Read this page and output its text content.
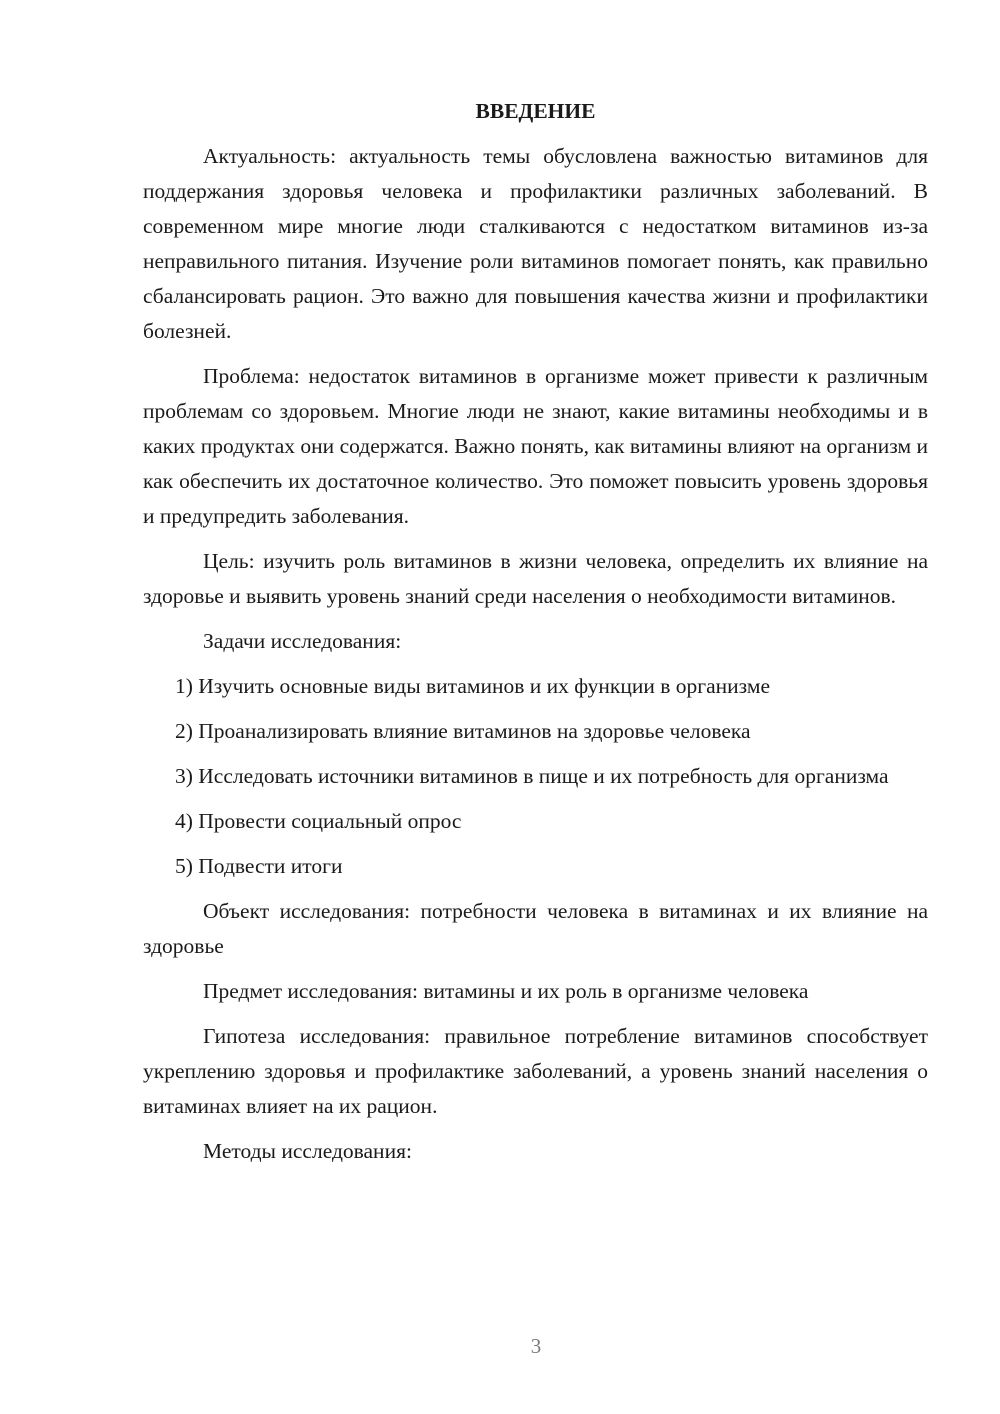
ВВЕДЕНИЕ

Актуальность: актуальность темы обусловлена важностью витаминов для поддержания здоровья человека и профилактики различных заболеваний. В современном мире многие люди сталкиваются с недостатком витаминов из-за неправильного питания. Изучение роли витаминов помогает понять, как правильно сбалансировать рацион. Это важно для повышения качества жизни и профилактики болезней.

Проблема: недостаток витаминов в организме может привести к различным проблемам со здоровьем. Многие люди не знают, какие витамины необходимы и в каких продуктах они содержатся. Важно понять, как витамины влияют на организм и как обеспечить их достаточное количество. Это поможет повысить уровень здоровья и предупредить заболевания.

Цель: изучить роль витаминов в жизни человека, определить их влияние на здоровье и выявить уровень знаний среди населения о необходимости витаминов.

Задачи исследования:

1) Изучить основные виды витаминов и их функции в организме

2) Проанализировать влияние витаминов на здоровье человека

3) Исследовать источники витаминов в пище и их потребность для организма

4) Провести социальный опрос

5) Подвести итоги

Объект исследования: потребности человека в витаминах и их влияние на здоровье

Предмет исследования: витамины и их роль в организме человека

Гипотеза исследования: правильное потребление витаминов способствует укреплению здоровья и профилактике заболеваний, а уровень знаний населения о витаминах влияет на их рацион.

Методы исследования:

3
